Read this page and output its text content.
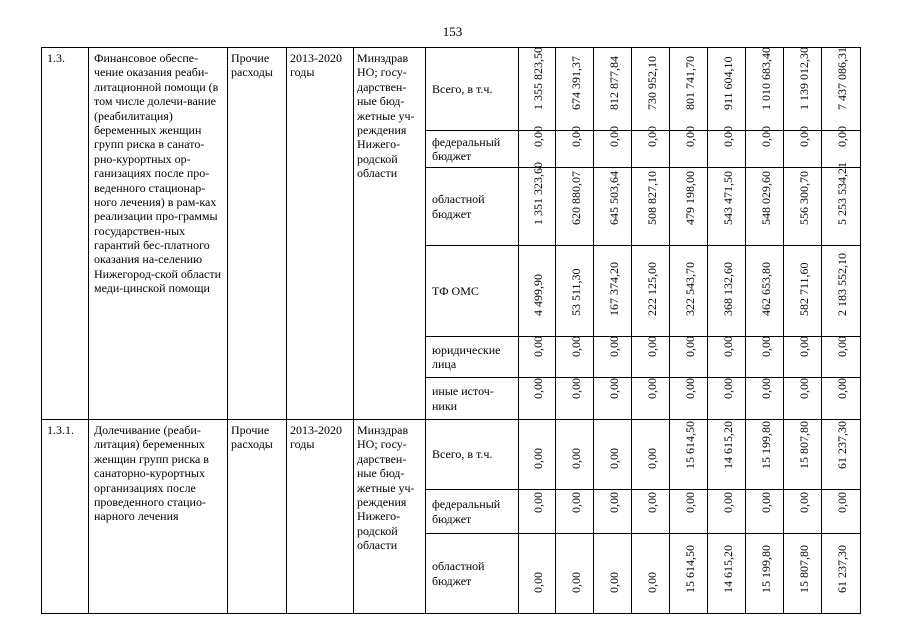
153
1.3.	Финансовое обеспе-чение оказания реаби-литационной помощи (в том числе долечи-вание (реабилитация) беременных женщин групп риска в санато-рно-курортных ор-ганизациях после про-веденного стационар-ного лечения) в рам-ках реализации про-граммы государствен-ных гарантий бес-платного оказания на-селению Нижегород-ской области меди-цинской помощи	Прочие расходы	2013-2020 годы	Минздрав НО; госу-дарствен-ные бюд-жетные уч-реждения Нижего-родской области	Всего, в т.ч.	1 355 823,50	674 391,37	812 877,84	730 952,10	801 741,70	911 604,10	1 010 683,40	1 139 012,30	7 437 086,31

					федеральный бюджет	0,00	0,00	0,00	0,00	0,00	0,00	0,00	0,00	0,00

					областной бюджет	1 351 323,60	620 880,07	645 503,64	508 827,10	479 198,00	543 471,50	548 029,60	556 300,70	5 253 534,21

					ТФ ОМС	4 499,90	53 511,30	167 374,20	222 125,00	322 543,70	368 132,60	462 653,80	582 711,60	2 183 552,10

					юридические лица	0,00	0,00	0,00	0,00	0,00	0,00	0,00	0,00	0,00

					иные источ-ники	0,00	0,00	0,00	0,00	0,00	0,00	0,00	0,00	0,00

1.3.1.	Долечивание (реаби-литация) беременных женщин групп риска в санаторно-курортных организациях после проведенного стацио-нарного лечения	Прочие расходы	2013-2020 годы	Минздрав НО; госу-дарствен-ные бюд-жетные уч-реждения Нижего-родской области	Всего, в т.ч.	0,00	0,00	0,00	0,00	15 614,50	14 615,20	15 199,80	15 807,80	61 237,30

					федеральный бюджет	0,00	0,00	0,00	0,00	0,00	0,00	0,00	0,00	0,00

					областной бюджет	0,00	0,00	0,00	0,00	15 614,50	14 615,20	15 199,80	15 807,80	61 237,30
